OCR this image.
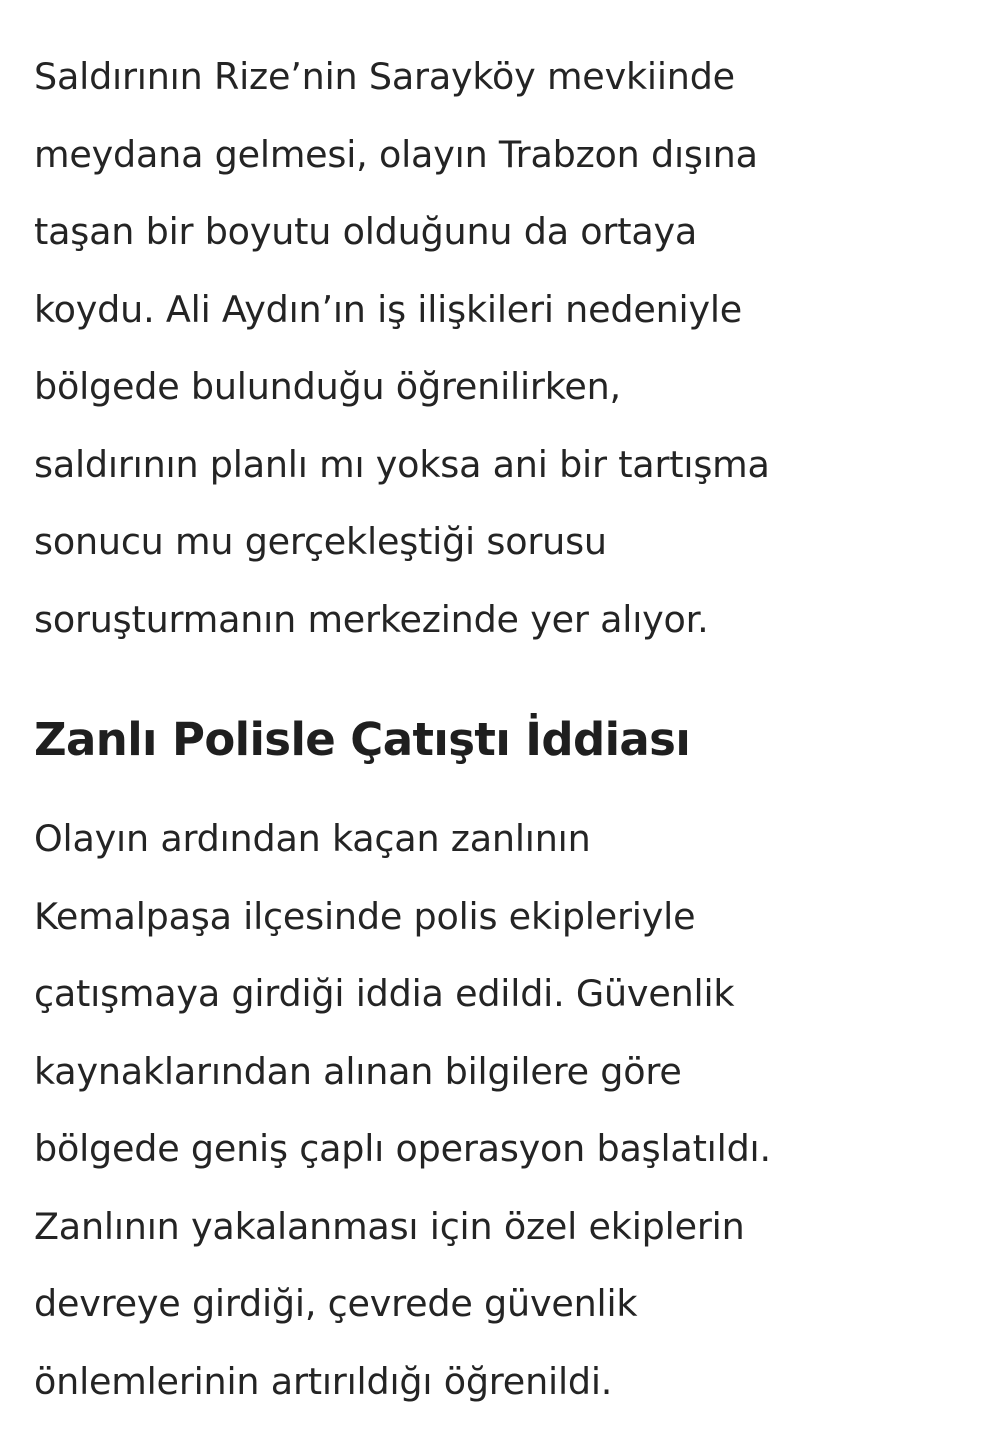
Saldırının Rize’nin Sarayköy mevkiinde
meydana gelmesi, olayın Trabzon dışına
taşan bir boyutu olduğunu da ortaya
koydu. Ali Aydın’ın iş ilişkileri nedeniyle
bölgede bulunduğu öğrenilirken,
saldırının planlı mı yoksa ani bir tartışma
sonucu mu gerçekleştiği sorusu
soruşturmanın merkezinde yer alıyor.

Zanlı Polisle Çatıştı İddiası

Olayın ardından kaçan zanlının
Kemalpaşa ilçesinde polis ekipleriyle
çatışmaya girdiği iddia edildi. Güvenlik
kaynaklarından alınan bilgilere göre
bölgede geniş çaplı operasyon başlatıldı.
Zanlının yakalanması için özel ekiplerin
devreye girdiği, çevrede güvenlik
önlemlerinin artırıldığı öğrenildi.
